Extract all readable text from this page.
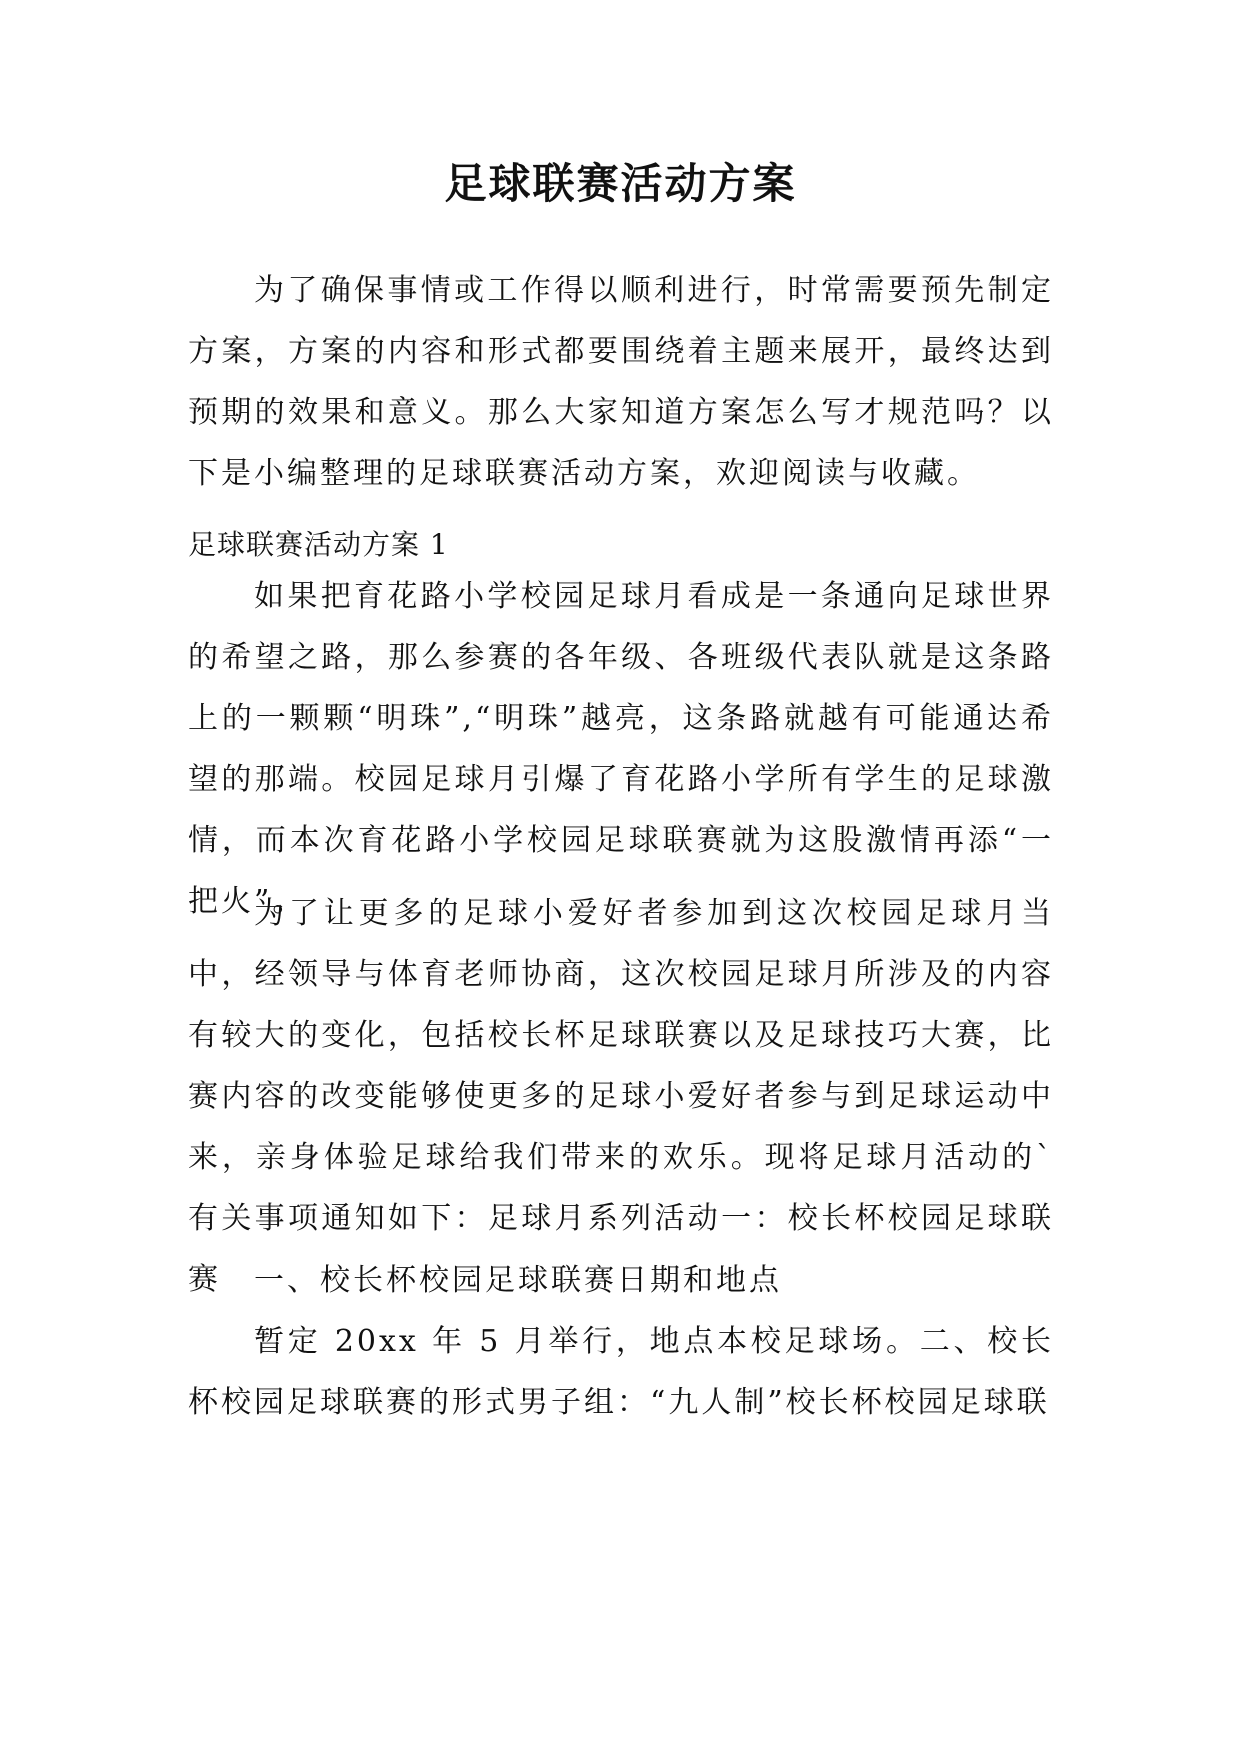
足球联赛活动方案

为了确保事情或工作得以顺利进行，时常需要预先制定方案，方案的内容和形式都要围绕着主题来展开，最终达到预期的效果和意义。那么大家知道方案怎么写才规范吗？以下是小编整理的足球联赛活动方案，欢迎阅读与收藏。

足球联赛活动方案 1

如果把育花路小学校园足球月看成是一条通向足球世界的希望之路，那么参赛的各年级、各班级代表队就是这条路上的一颗颗“明珠”,“明珠”越亮，这条路就越有可能通达希望的那端。校园足球月引爆了育花路小学所有学生的足球激情，而本次育花路小学校园足球联赛就为这股激情再添“一把火”。

为了让更多的足球小爱好者参加到这次校园足球月当中，经领导与体育老师协商，这次校园足球月所涉及的内容有较大的变化，包括校长杯足球联赛以及足球技巧大赛，比赛内容的改变能够使更多的足球小爱好者参与到足球运动中来，亲身体验足球给我们带来的欢乐。现将足球月活动的`有关事项通知如下：足球月系列活动一：校长杯校园足球联赛	一、校长杯校园足球联赛日期和地点

暂定 20xx 年 5 月举行，地点本校足球场。二、校长杯校园足球联赛的形式男子组：“九人制”校长杯校园足球联
